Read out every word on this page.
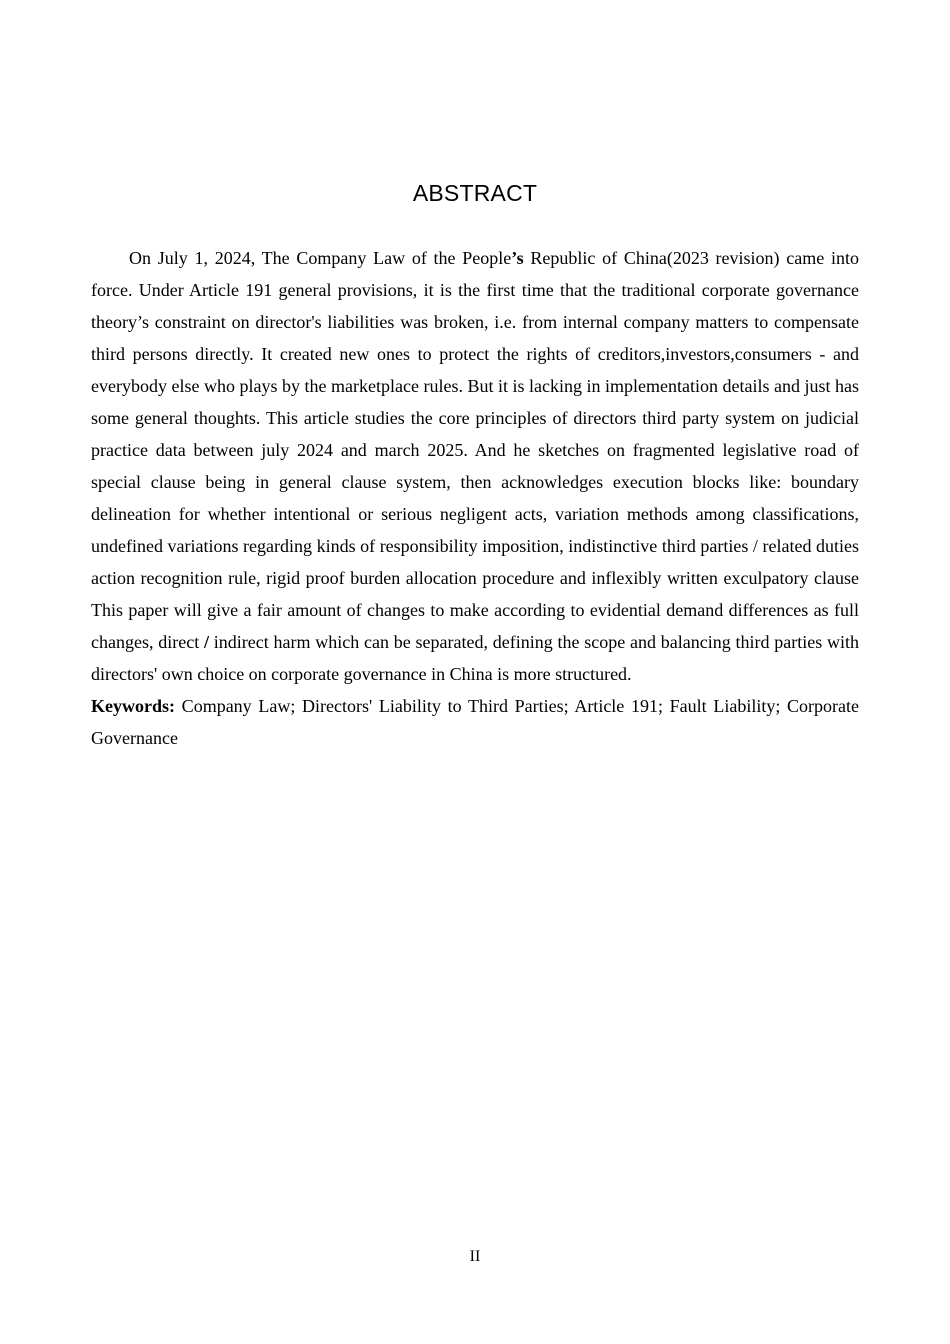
ABSTRACT

On July 1, 2024, The Company Law of the People’s Republic of China(2023 revision) came into force. Under Article 191 general provisions, it is the first time that the traditional corporate governance theory’s constraint on director's liabilities was broken, i.e. from internal company matters to compensate third persons directly. It created new ones to protect the rights of creditors,investors,consumers - and everybody else who plays by the marketplace rules. But it is lacking in implementation details and just has some general thoughts. This article studies the core principles of directors third party system on judicial practice data between july 2024 and march 2025. And he sketches on fragmented legislative road of special clause being in general clause system, then acknowledges execution blocks like: boundary delineation for whether intentional or serious negligent acts, variation methods among classifications, undefined variations regarding kinds of responsibility imposition, indistinctive third parties / related duties action recognition rule, rigid proof burden allocation procedure and inflexibly written exculpatory clause This paper will give a fair amount of changes to make according to evidential demand differences as full changes, direct / indirect harm which can be separated, defining the scope and balancing third parties with directors' own choice on corporate governance in China is more structured.

Keywords: Company Law; Directors' Liability to Third Parties; Article 191; Fault Liability; Corporate Governance

II
